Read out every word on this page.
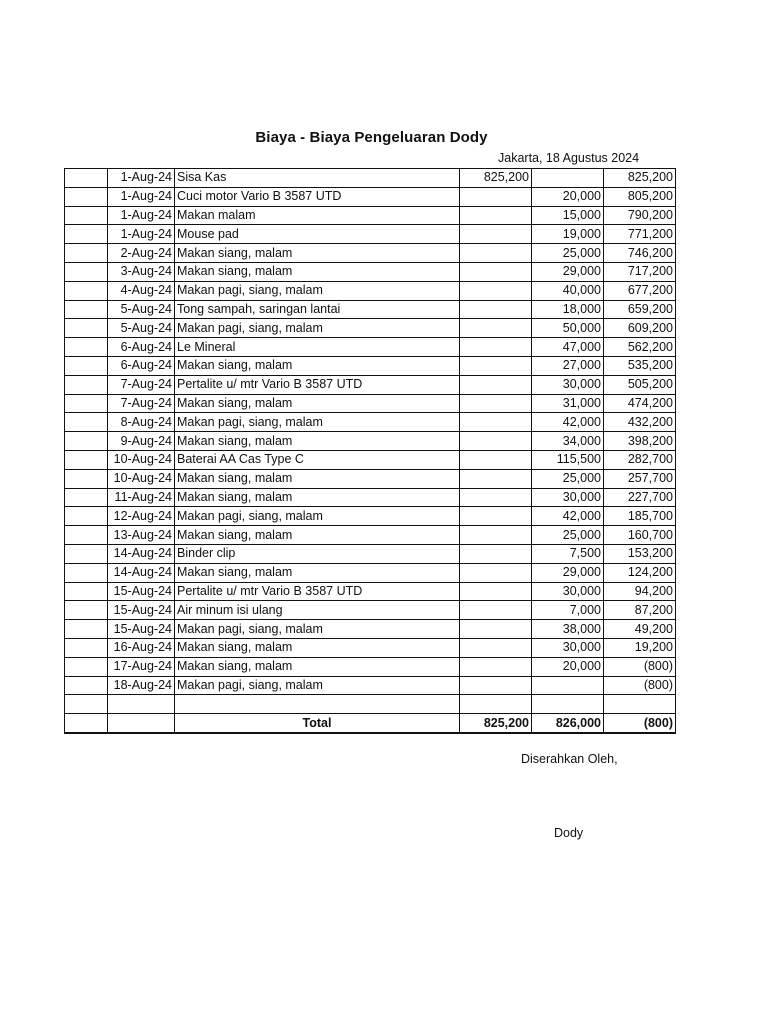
Biaya - Biaya Pengeluaran Dody
Jakarta, 18 Agustus 2024
	1-Aug-24	Sisa Kas	825,200		825,200
	1-Aug-24	Cuci motor Vario B 3587 UTD		20,000	805,200
	1-Aug-24	Makan malam		15,000	790,200
	1-Aug-24	Mouse pad		19,000	771,200
	2-Aug-24	Makan siang, malam		25,000	746,200
	3-Aug-24	Makan siang, malam		29,000	717,200
	4-Aug-24	Makan pagi, siang, malam		40,000	677,200
	5-Aug-24	Tong sampah, saringan lantai		18,000	659,200
	5-Aug-24	Makan pagi, siang, malam		50,000	609,200
	6-Aug-24	Le Mineral		47,000	562,200
	6-Aug-24	Makan siang, malam		27,000	535,200
	7-Aug-24	Pertalite u/ mtr Vario B 3587 UTD		30,000	505,200
	7-Aug-24	Makan siang, malam		31,000	474,200
	8-Aug-24	Makan pagi, siang, malam		42,000	432,200
	9-Aug-24	Makan siang, malam		34,000	398,200
	10-Aug-24	Baterai AA Cas Type C		115,500	282,700
	10-Aug-24	Makan siang, malam		25,000	257,700
	11-Aug-24	Makan siang, malam		30,000	227,700
	12-Aug-24	Makan pagi, siang, malam		42,000	185,700
	13-Aug-24	Makan siang, malam		25,000	160,700
	14-Aug-24	Binder clip		7,500	153,200
	14-Aug-24	Makan siang, malam		29,000	124,200
	15-Aug-24	Pertalite u/ mtr Vario B 3587 UTD		30,000	94,200
	15-Aug-24	Air minum isi ulang		7,000	87,200
	15-Aug-24	Makan pagi, siang, malam		38,000	49,200
	16-Aug-24	Makan siang, malam		30,000	19,200
	17-Aug-24	Makan siang, malam		20,000	(800)
	18-Aug-24	Makan pagi, siang, malam			(800)

		Total	825,200	826,000	(800)
Diserahkan Oleh,
Dody
